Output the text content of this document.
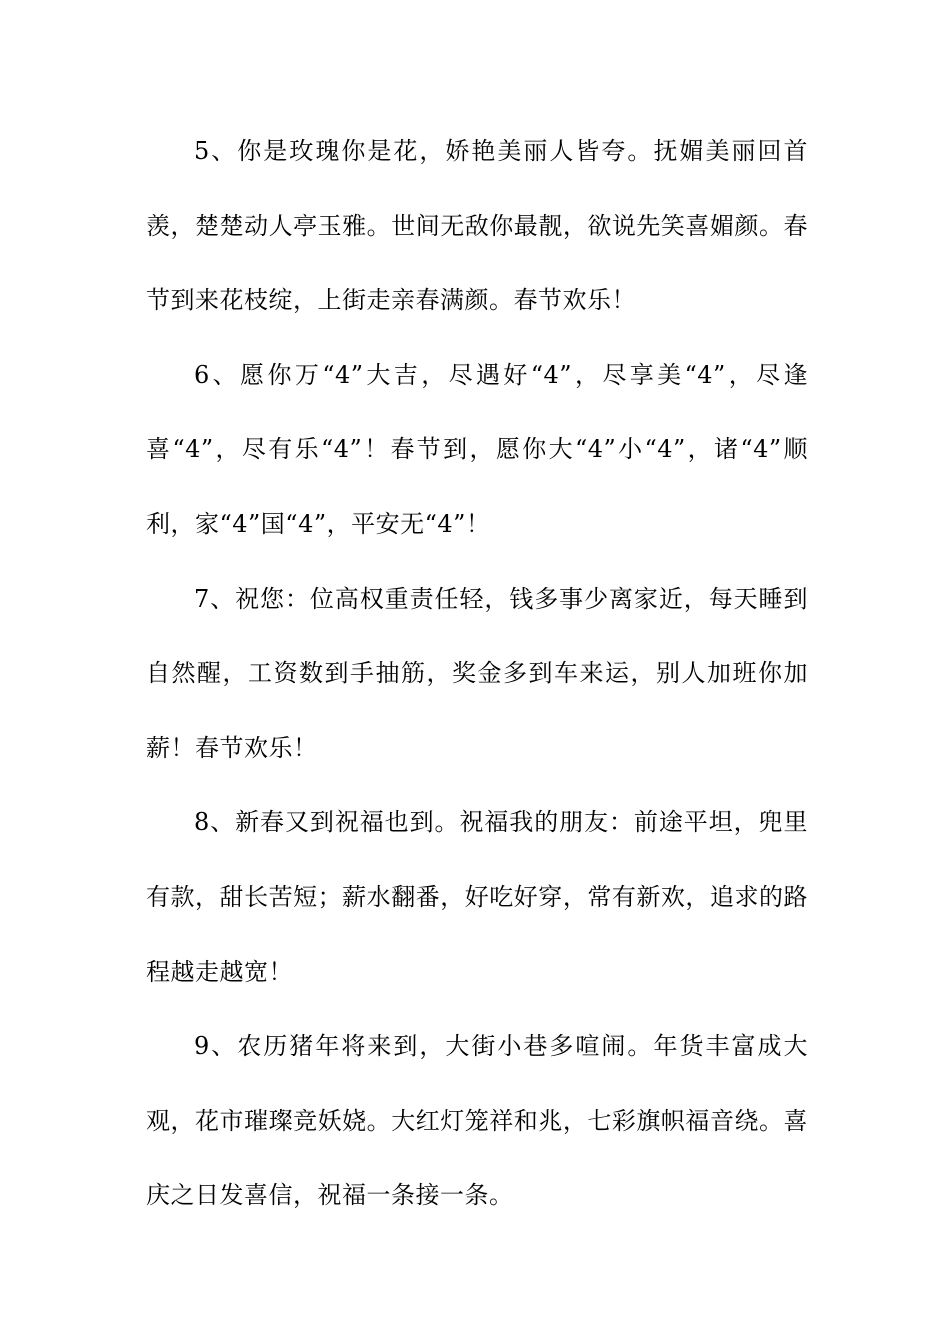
5、你是玫瑰你是花，娇艳美丽人皆夸。抚媚美丽回首羡，楚楚动人亭玉雅。世间无敌你最靓，欲说先笑喜媚颜。春节到来花枝绽，上街走亲春满颜。春节欢乐！

6、愿你万“4”大吉，尽遇好“4”，尽享美“4”，尽逢喜“4”，尽有乐“4”！春节到，愿你大“4”小“4”，诸“4”顺利，家“4”国“4”，平安无“4”！

7、祝您：位高权重责任轻，钱多事少离家近，每天睡到自然醒，工资数到手抽筋，奖金多到车来运，别人加班你加薪！春节欢乐！

8、新春又到祝福也到。祝福我的朋友：前途平坦，兜里有款，甜长苦短；薪水翻番，好吃好穿，常有新欢，追求的路程越走越宽！

9、农历猪年将来到，大街小巷多喧闹。年货丰富成大观，花市璀璨竞妖娆。大红灯笼祥和兆，七彩旗帜福音绕。喜庆之日发喜信，祝福一条接一条。
